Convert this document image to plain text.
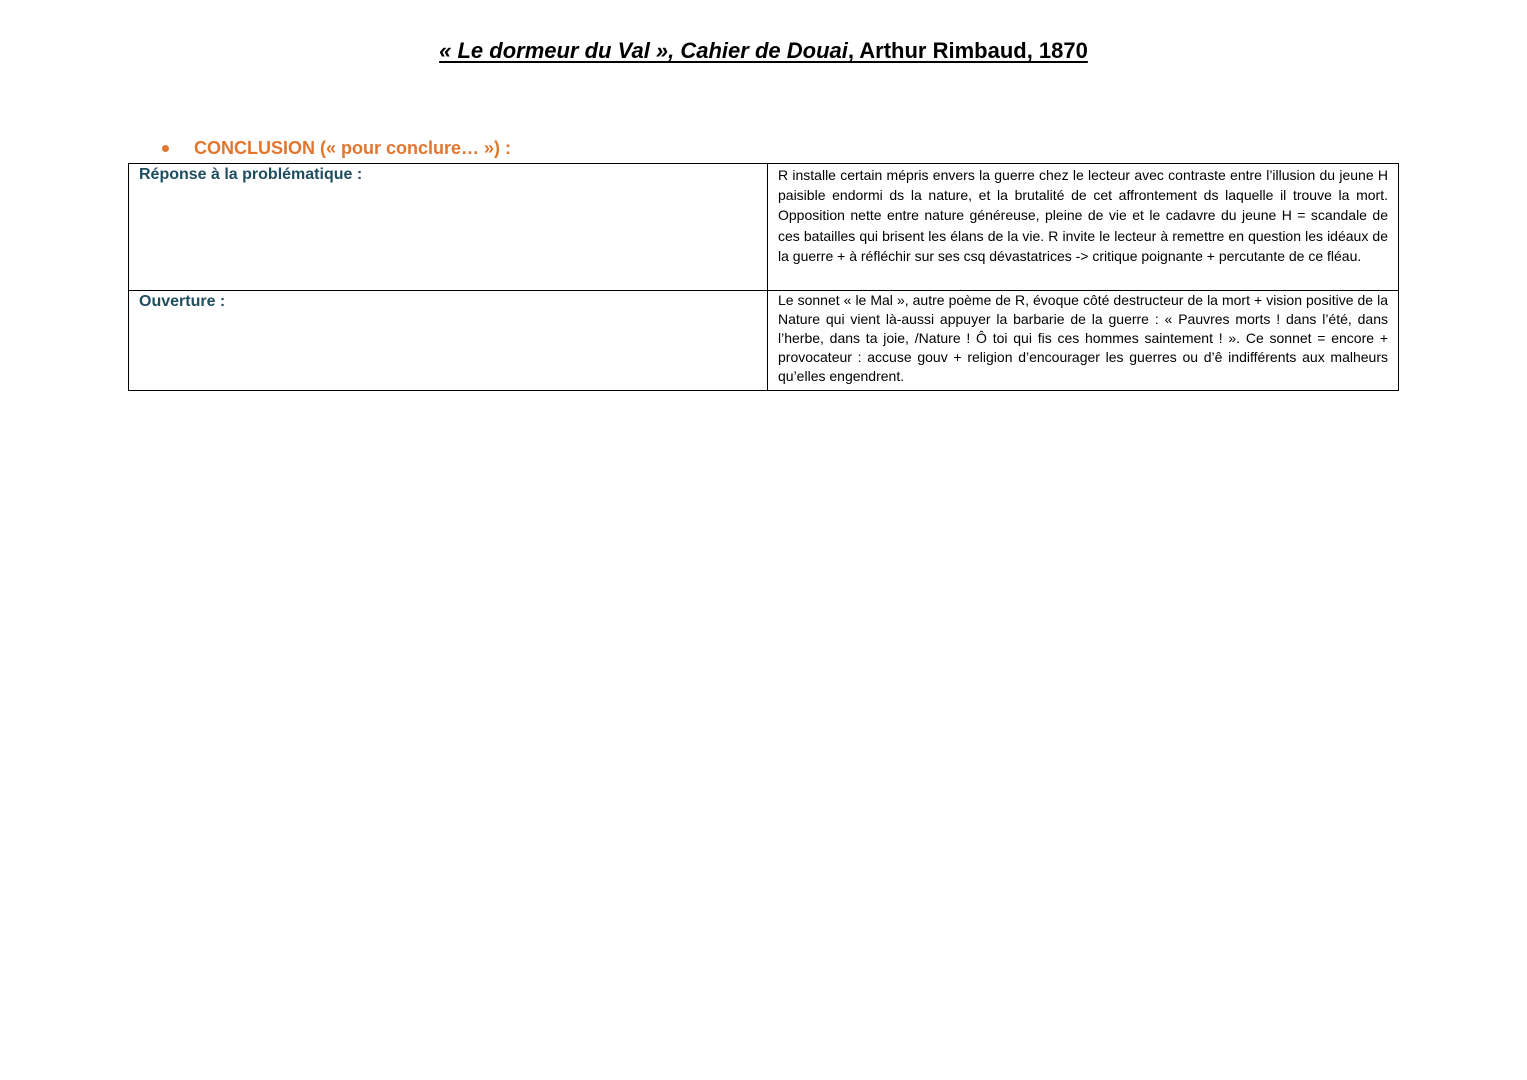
« Le dormeur du Val », Cahier de Douai, Arthur Rimbaud, 1870
CONCLUSION (« pour conclure… ») :
Réponse à la problématique :	R installe certain mépris envers la guerre chez le lecteur avec contraste entre l’illusion du jeune H paisible endormi ds la nature, et la brutalité de cet affrontement ds laquelle il trouve la mort. Opposition nette entre nature généreuse, pleine de vie et le cadavre du jeune H = scandale de ces batailles qui brisent les élans de la vie. R invite le lecteur à remettre en question les idéaux de la guerre + à réfléchir sur ses csq dévastatrices -> critique poignante + percutante de ce fléau.
Ouverture :	Le sonnet « le Mal », autre poème de R, évoque côté destructeur de la mort + vision positive de la Nature qui vient là-aussi appuyer la barbarie de la guerre : « Pauvres morts ! dans l’été, dans l’herbe, dans ta joie, /Nature ! Ô toi qui fis ces hommes saintement ! ». Ce sonnet = encore + provocateur : accuse gouv + religion d’encourager les guerres ou d’ê indifférents aux malheurs qu’elles engendrent.
